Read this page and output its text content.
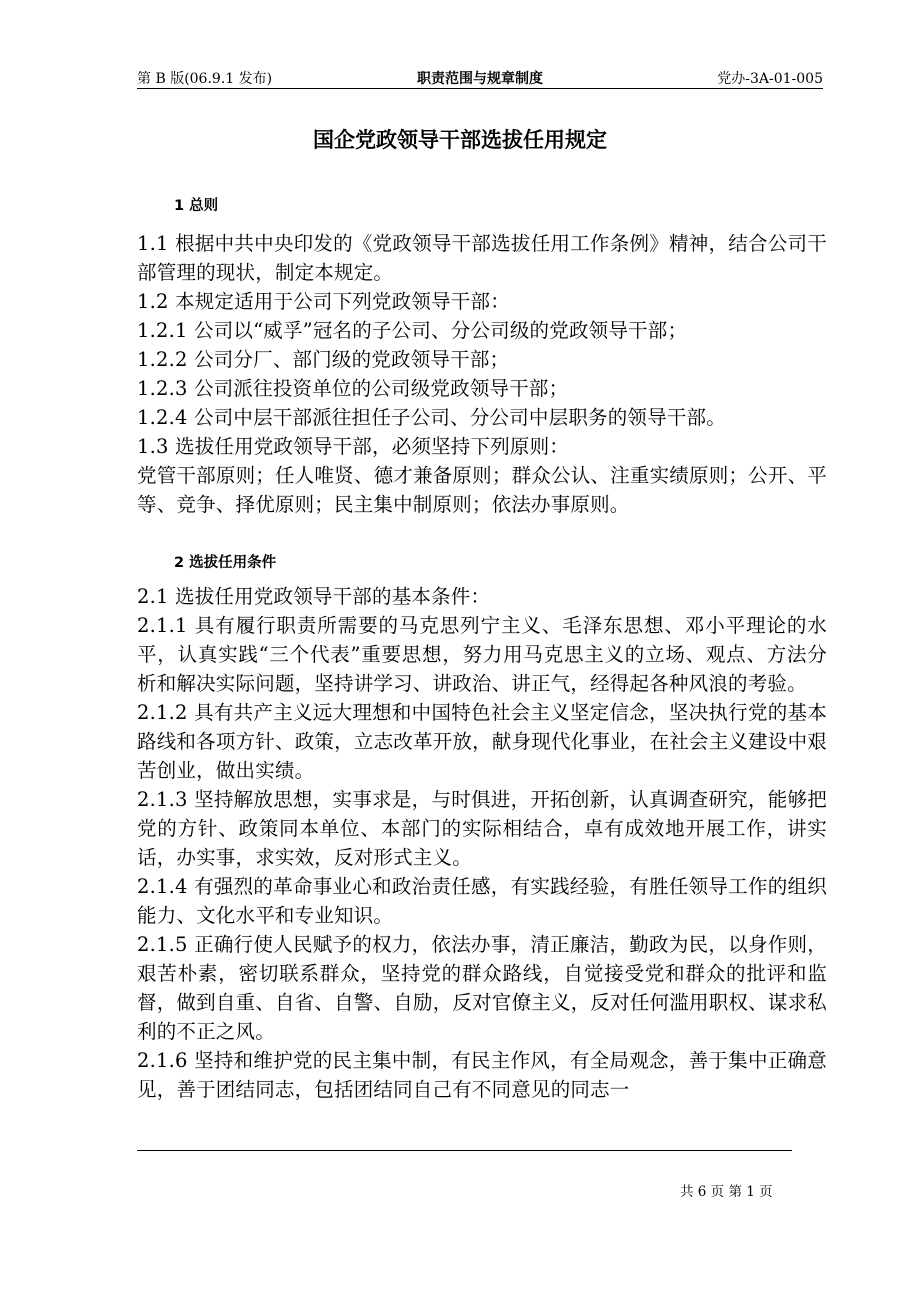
第 B 版(06.9.1 发布)	职责范围与规章制度	党办-3A-01-005
国企党政领导干部选拔任用规定
1 总则

1.1 根据中共中央印发的《党政领导干部选拔任用工作条例》精神，结合公司干部管理的现状，制定本规定。

1.2 本规定适用于公司下列党政领导干部：

1.2.1 公司以“威孚”冠名的子公司、分公司级的党政领导干部；

1.2.2 公司分厂、部门级的党政领导干部；

1.2.3 公司派往投资单位的公司级党政领导干部；

1.2.4 公司中层干部派往担任子公司、分公司中层职务的领导干部。

1.3 选拔任用党政领导干部，必须坚持下列原则：

党管干部原则；任人唯贤、德才兼备原则；群众公认、注重实绩原则；公开、平等、竞争、择优原则；民主集中制原则；依法办事原则。

2 选拔任用条件

2.1 选拔任用党政领导干部的基本条件：

2.1.1 具有履行职责所需要的马克思列宁主义、毛泽东思想、邓小平理论的水平，认真实践“三个代表”重要思想，努力用马克思主义的立场、观点、方法分析和解决实际问题，坚持讲学习、讲政治、讲正气，经得起各种风浪的考验。

2.1.2 具有共产主义远大理想和中国特色社会主义坚定信念，坚决执行党的基本路线和各项方针、政策，立志改革开放，献身现代化事业，在社会主义建设中艰苦创业，做出实绩。

2.1.3 坚持解放思想，实事求是，与时俱进，开拓创新，认真调查研究，能够把党的方针、政策同本单位、本部门的实际相结合，卓有成效地开展工作，讲实话，办实事，求实效，反对形式主义。

2.1.4 有强烈的革命事业心和政治责任感，有实践经验，有胜任领导工作的组织能力、文化水平和专业知识。

2.1.5 正确行使人民赋予的权力，依法办事，清正廉洁，勤政为民，以身作则，艰苦朴素，密切联系群众，坚持党的群众路线，自觉接受党和群众的批评和监督，做到自重、自省、自警、自励，反对官僚主义，反对任何滥用职权、谋求私利的不正之风。

2.1.6 坚持和维护党的民主集中制，有民主作风，有全局观念，善于集中正确意见，善于团结同志，包括团结同自己有不同意见的同志一

共 6 页 第 1 页
